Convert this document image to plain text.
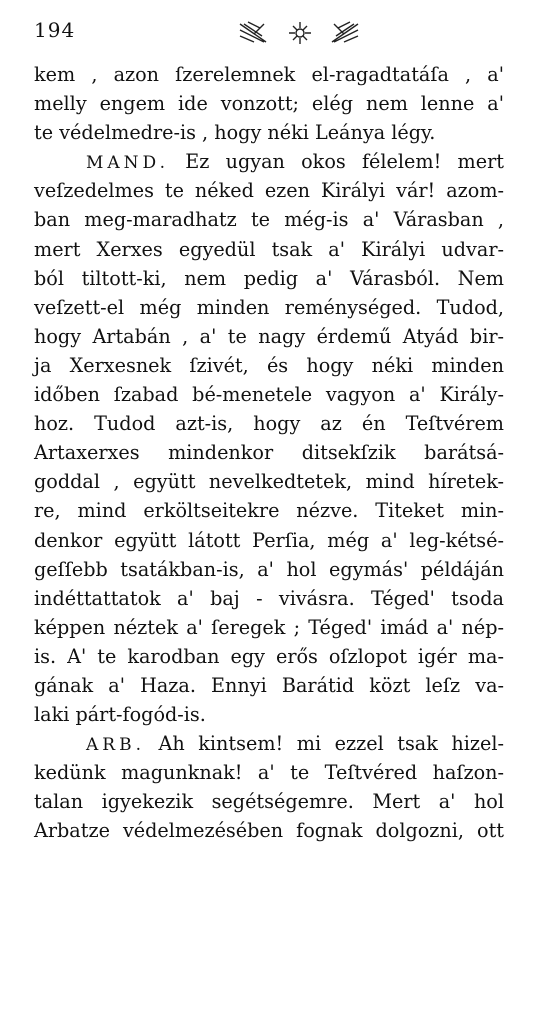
194
kem , azon ſzerelemnek el-ragadtatáſa , a'
melly engem ide vonzott; elég nem lenne a'
te védelmedre-is , hogy néki Leánya légy.
MAND. Ez ugyan okos félelem! mert
veſzedelmes te néked ezen Királyi vár! azom-
ban meg-maradhatz te még-is a' Várasban ,
mert Xerxes egyedül tsak a' Királyi udvar-
ból tiltott-ki, nem pedig a' Várasból. Nem
veſzett-el még minden reménységed. Tudod,
hogy Artabán , a' te nagy érdemű Atyád bir-
ja Xerxesnek ſzivét, és hogy néki minden
időben ſzabad bé-menetele vagyon a' Király-
hoz. Tudod azt-is, hogy az én Teſtvérem
Artaxerxes mindenkor ditsekſzik barátsá-
goddal , együtt nevelkedtetek, mind híretek-
re, mind erköltseitekre nézve. Titeket min-
denkor együtt látott Perſia, még a' leg-kétsé-
geſſebb tsatákban-is, a' hol egymás' példáján
indéttattatok a' baj - vivásra. Téged' tsoda
képpen néztek a' ſeregek ; Téged' imád a' nép-
is. A' te karodban egy erős oſzlopot igér ma-
gának a' Haza. Ennyi Barátid közt leſz va-
laki párt-fogód-is.
ARB. Ah kintsem! mi ezzel tsak hizel-
kedünk magunknak! a' te Teſtvéred haſzon-
talan igyekezik segétségemre. Mert a' hol
Arbatze védelmezésében fognak dolgozni, ott
